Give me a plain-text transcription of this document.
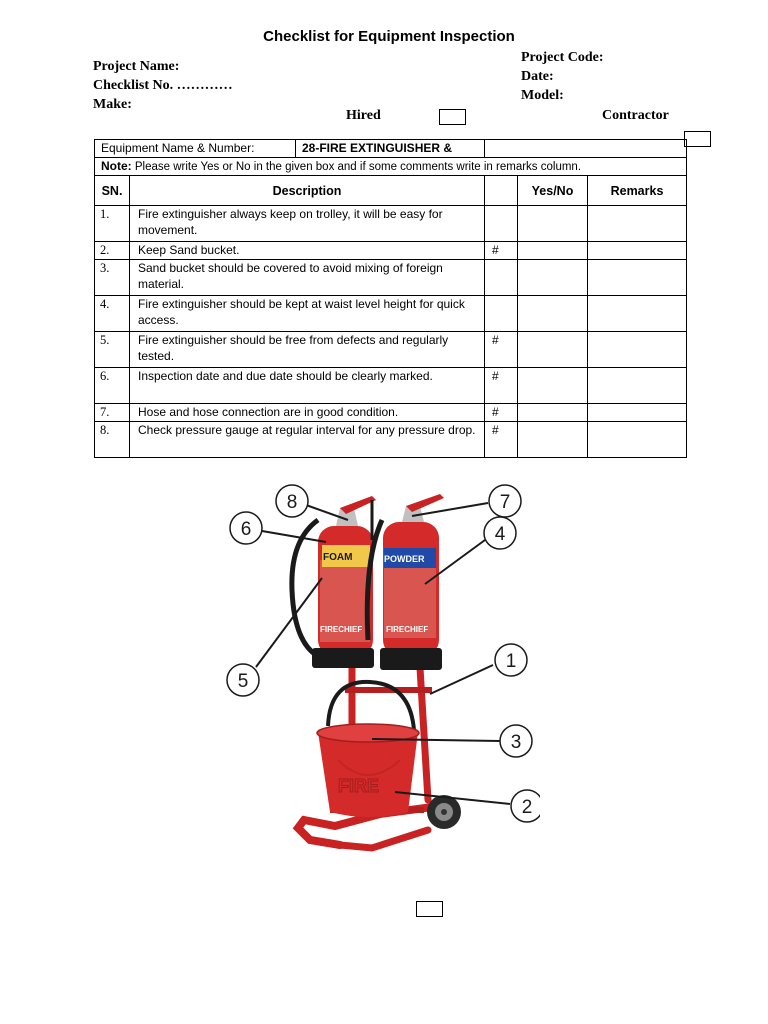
Checklist for Equipment Inspection
Project Name:
Checklist No. …………
Make:
Project Code:
Date:
Model:
Hired	Contractor
Equipment Name & Number: 28-FIRE EXTINGUISHER &				

Note: Please write Yes or No in the given box and if some comments write in remarks column.				
SN.	Description		Yes/No	Remarks
1.	Fire extinguisher always keep on trolley, it will be easy for movement.			
2.	Keep Sand bucket.	#		
3.	Sand bucket should be covered to avoid mixing of foreign material.			
4.	Fire extinguisher should be kept at waist level height for quick access.			
5.	Fire extinguisher should be free from defects and regularly tested.	#		
6.	Inspection date and due date should be clearly marked.	#		
7.	Hose and hose connection are in good condition.	#		
8.	Check pressure gauge at regular interval for any pressure drop.	#		
FIRE
FOAM
FIRECHIEF
POWDER
FIRECHIEF
1
2
3
4
5
6
7
8
